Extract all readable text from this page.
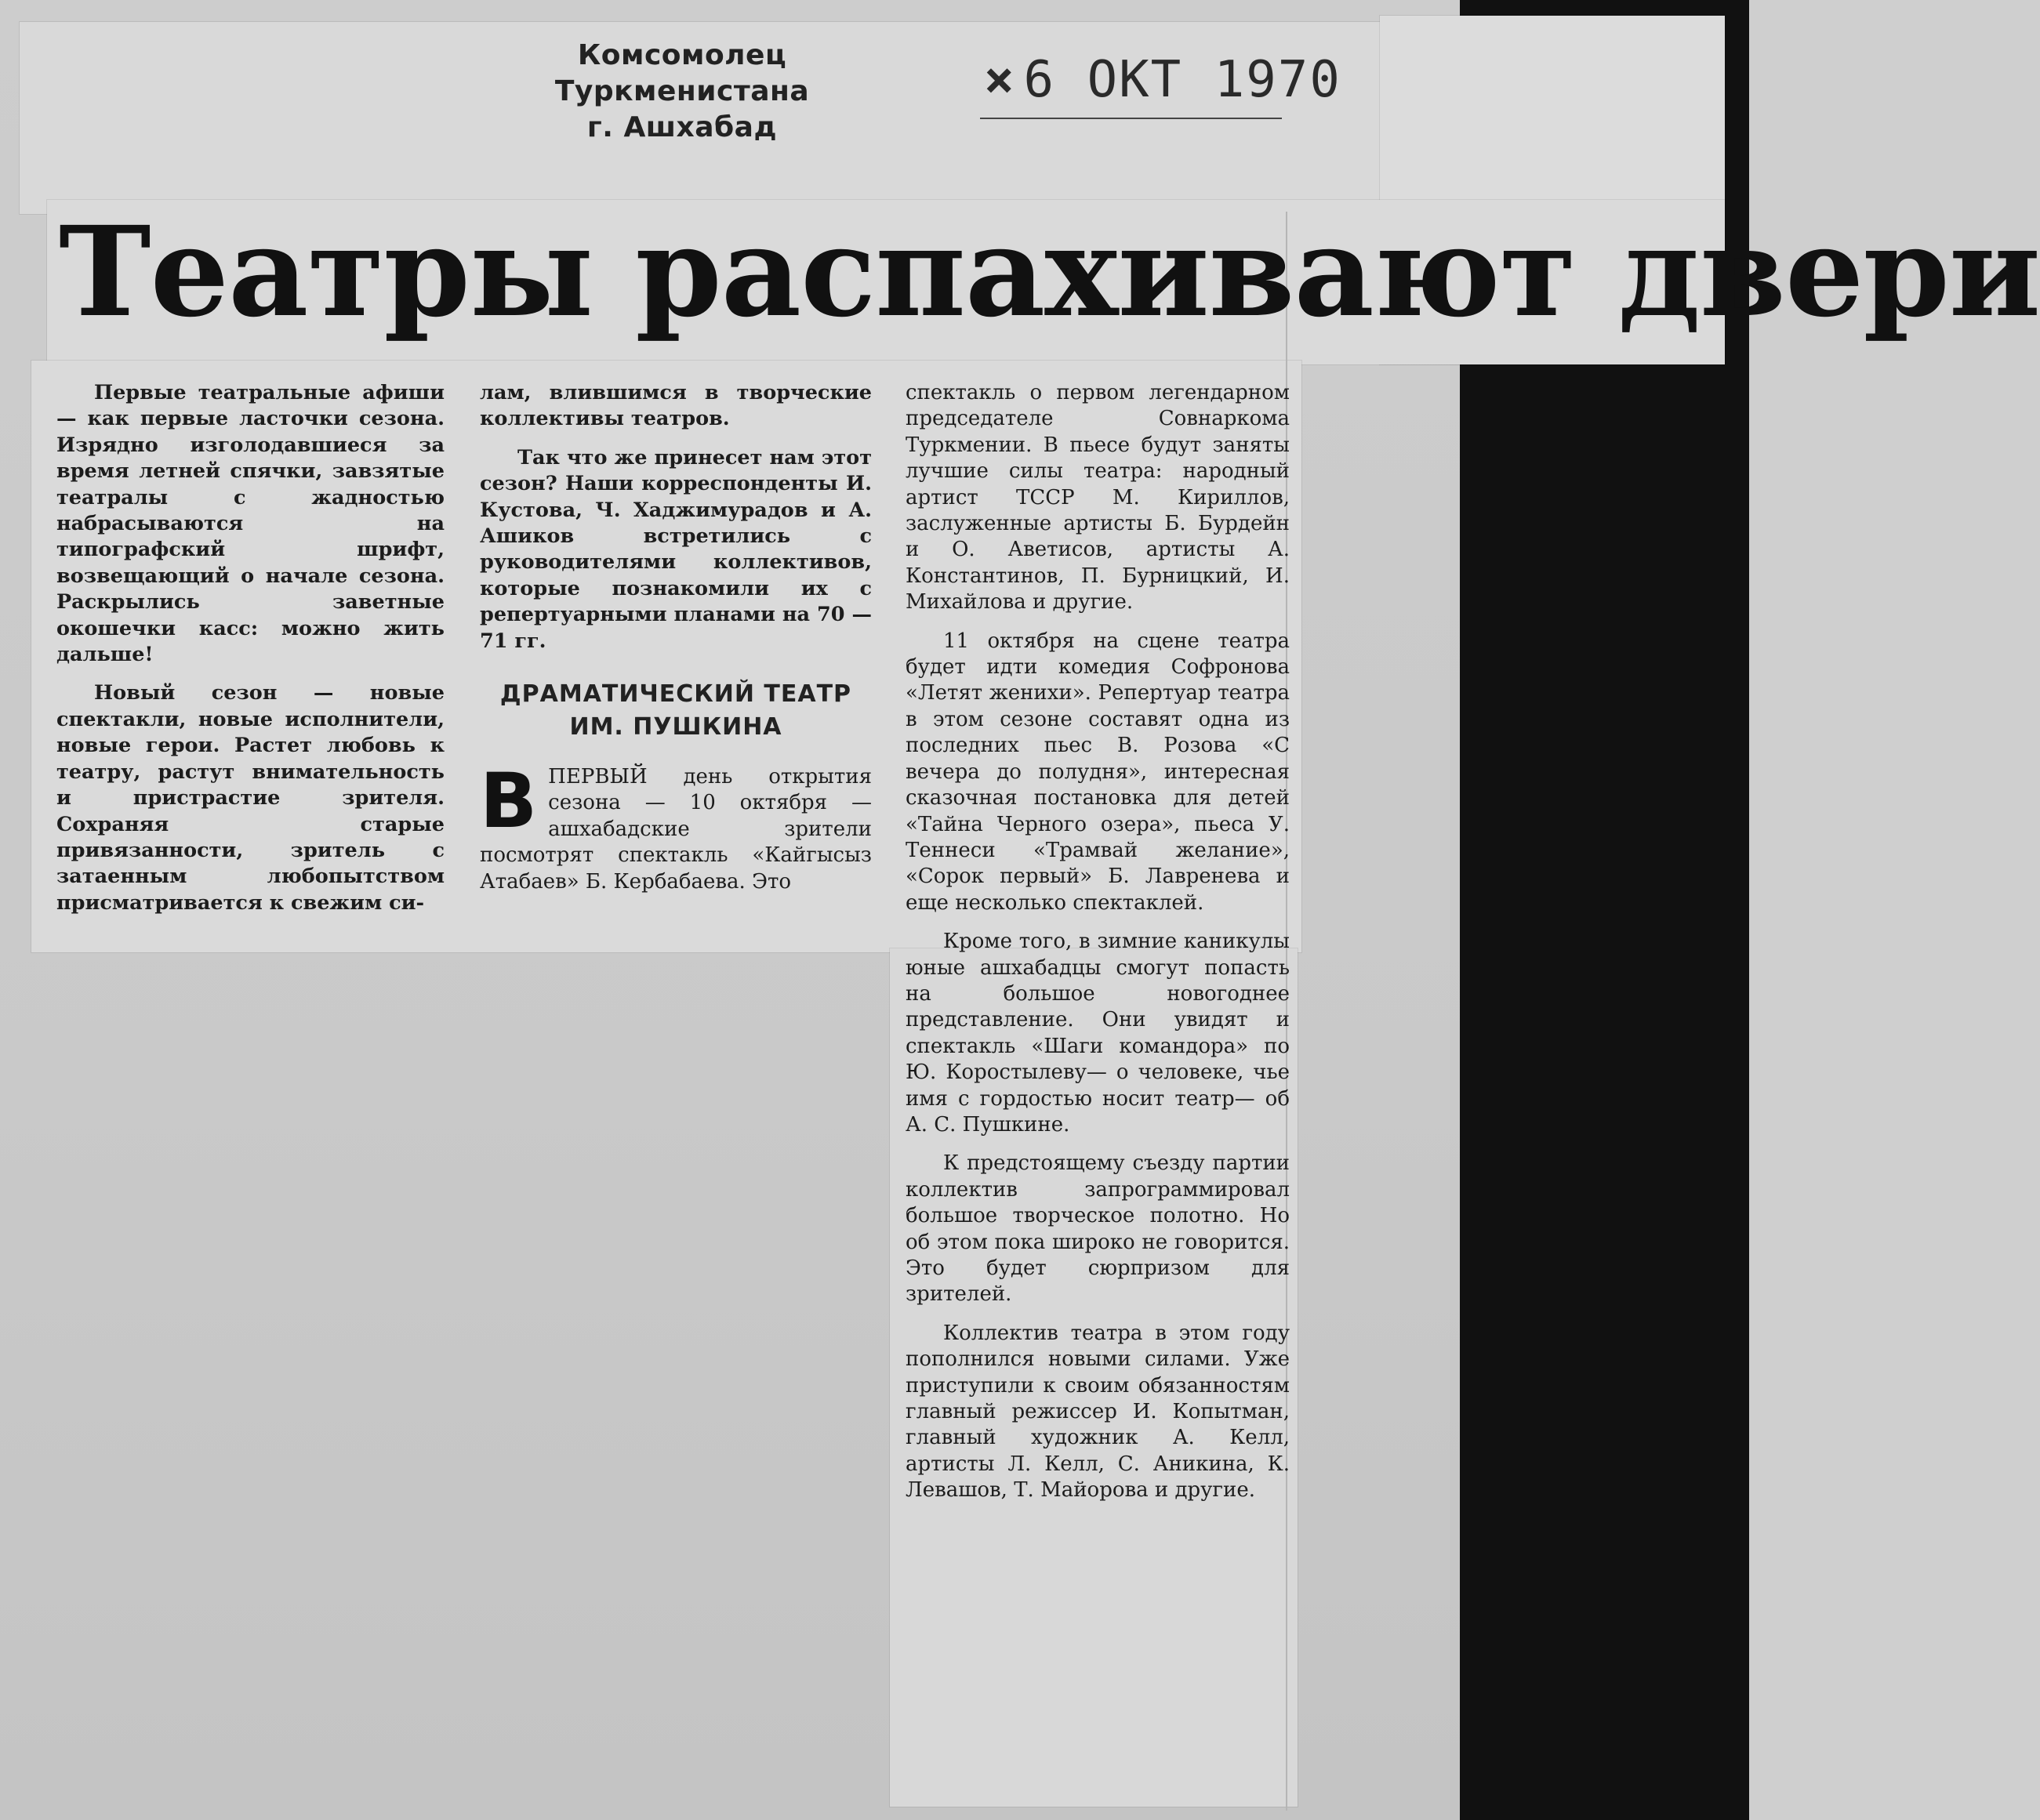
Комсомолец Туркменистана
г. Ашхабад
× 6 ОКТ 1970
Театры распахивают двери

Первые театральные афиши — как первые ласточки сезона. Изрядно изголодавшиеся за время летней спячки, завзятые театралы с жадностью набрасываются на типографский шрифт, возвещающий о начале сезона. Раскрылись заветные окошечки касс: можно жить дальше!

Новый сезон — новые спектакли, новые исполнители, новые герои. Растет любовь к театру, растут внимательность и пристрастие зрителя. Сохраняя старые привязанности, зритель с затаенным любопытством присматривается к свежим си-

лам, влившимся в творческие коллективы театров.

Так что же принесет нам этот сезон? Наши корреспонденты И. Кустова, Ч. Хаджимурадов и А. Ашиков встретились с руководителями коллективов, которые познакомили их с репертуарными планами на 70 — 71 гг.

ДРАМАТИЧЕСКИЙ ТЕАТР
ИМ. ПУШКИНА

ВПЕРВЫЙ день открытия сезона — 10 октября — ашхабадские зрители посмотрят спектакль «Кайгысыз Атабаев» Б. Кербабаева. Это

спектакль о первом легендарном председателе Совнаркома Туркмении. В пьесе будут заняты лучшие силы театра: народный артист ТССР М. Кириллов, заслуженные артисты Б. Бурдейн и О. Аветисов, артисты А. Константинов, П. Бурницкий, И. Михайлова и другие.

11 октября на сцене театра будет идти комедия Софронова «Летят женихи». Репертуар театра в этом сезоне составят одна из последних пьес В. Розова «С вечера до полудня», интересная сказочная постановка для детей «Тайна Черного озера», пьеса У. Теннеси «Трамвай желание», «Сорок первый» Б. Лавренева и еще несколько спектаклей.

Кроме того, в зимние каникулы юные ашхабадцы смогут попасть на большое новогоднее представление. Они увидят и спектакль «Шаги командора» по Ю. Коростылеву— о человеке, чье имя с гордостью носит театр— об А. С. Пушкине.

К предстоящему съезду партии коллектив запрограммировал большое творческое полотно. Но об этом пока широко не говорится. Это будет сюрпризом для зрителей.

Коллектив театра в этом году пополнился новыми силами. Уже приступили к своим обязанностям главный режиссер И. Копытман, главный художник А. Келл, артисты Л. Келл, С. Аникина, К. Левашов, Т. Майорова и другие.
